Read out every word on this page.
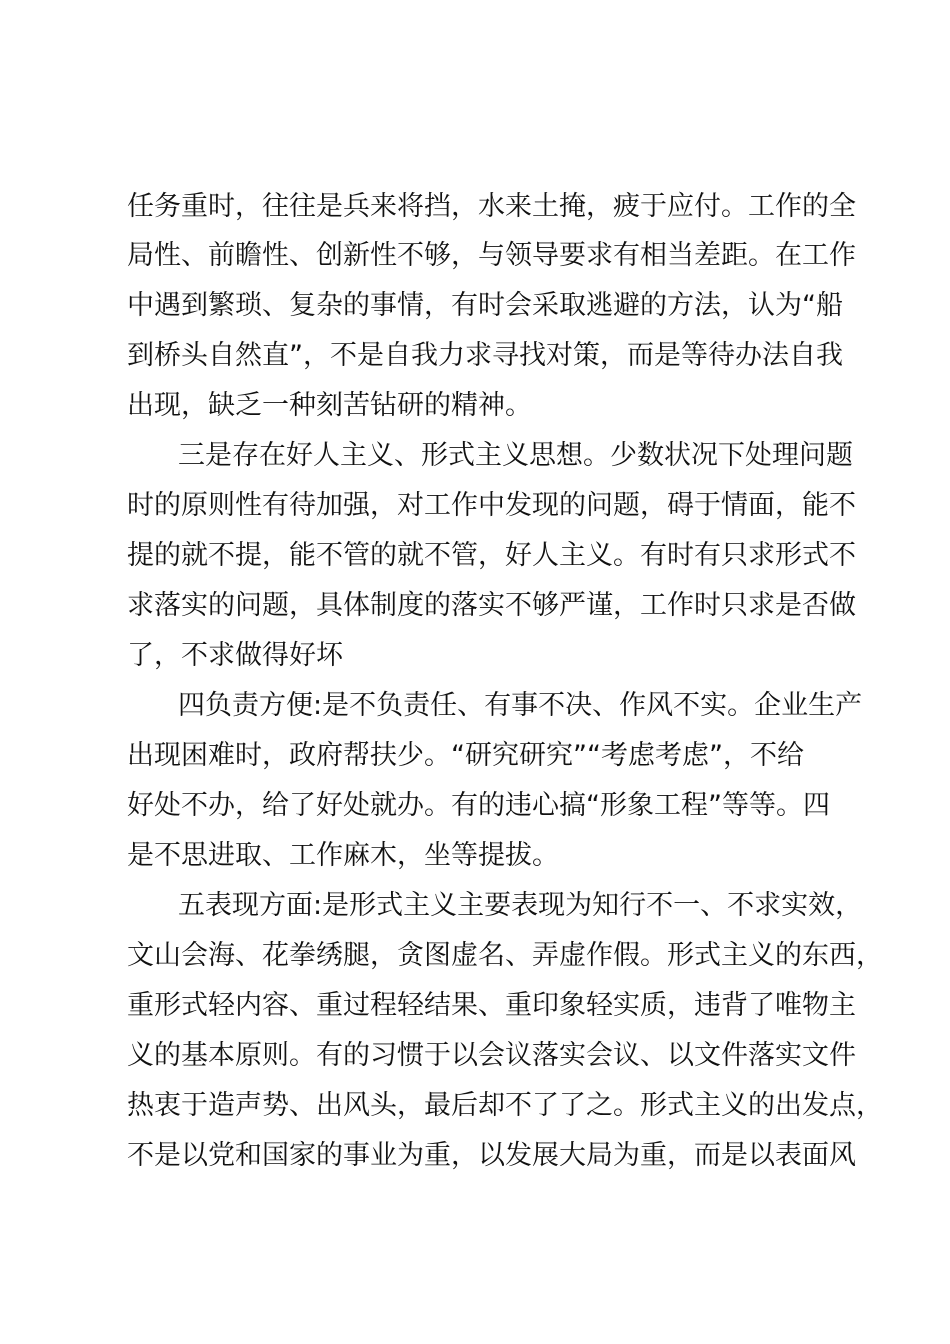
任务重时，往往是兵来将挡，水来土掩，疲于应付。工作的全
局性、前瞻性、创新性不够，与领导要求有相当差距。在工作
中遇到繁琐、复杂的事情，有时会采取逃避的方法，认为“船
到桥头自然直”，不是自我力求寻找对策，而是等待办法自我
出现，缺乏一种刻苦钻研的精神。
三是存在好人主义、形式主义思想。少数状况下处理问题
时的原则性有待加强，对工作中发现的问题，碍于情面，能不
提的就不提，能不管的就不管，好人主义。有时有只求形式不
求落实的问题，具体制度的落实不够严谨，工作时只求是否做
了，不求做得好坏
四负责方便:是不负责任、有事不决、作风不实。企业生产
出现困难时，政府帮扶少。“研究研究”“考虑考虑”，不给
好处不办，给了好处就办。有的违心搞“形象工程”等等。四
是不思进取、工作麻木，坐等提拔。
五表现方面:是形式主义主要表现为知行不一、不求实效，
文山会海、花拳绣腿，贪图虚名、弄虚作假。形式主义的东西，
重形式轻内容、重过程轻结果、重印象轻实质，违背了唯物主
义的基本原则。有的习惯于以会议落实会议、以文件落实文件
热衷于造声势、出风头，最后却不了了之。形式主义的出发点，
不是以党和国家的事业为重，以发展大局为重，而是以表面风
